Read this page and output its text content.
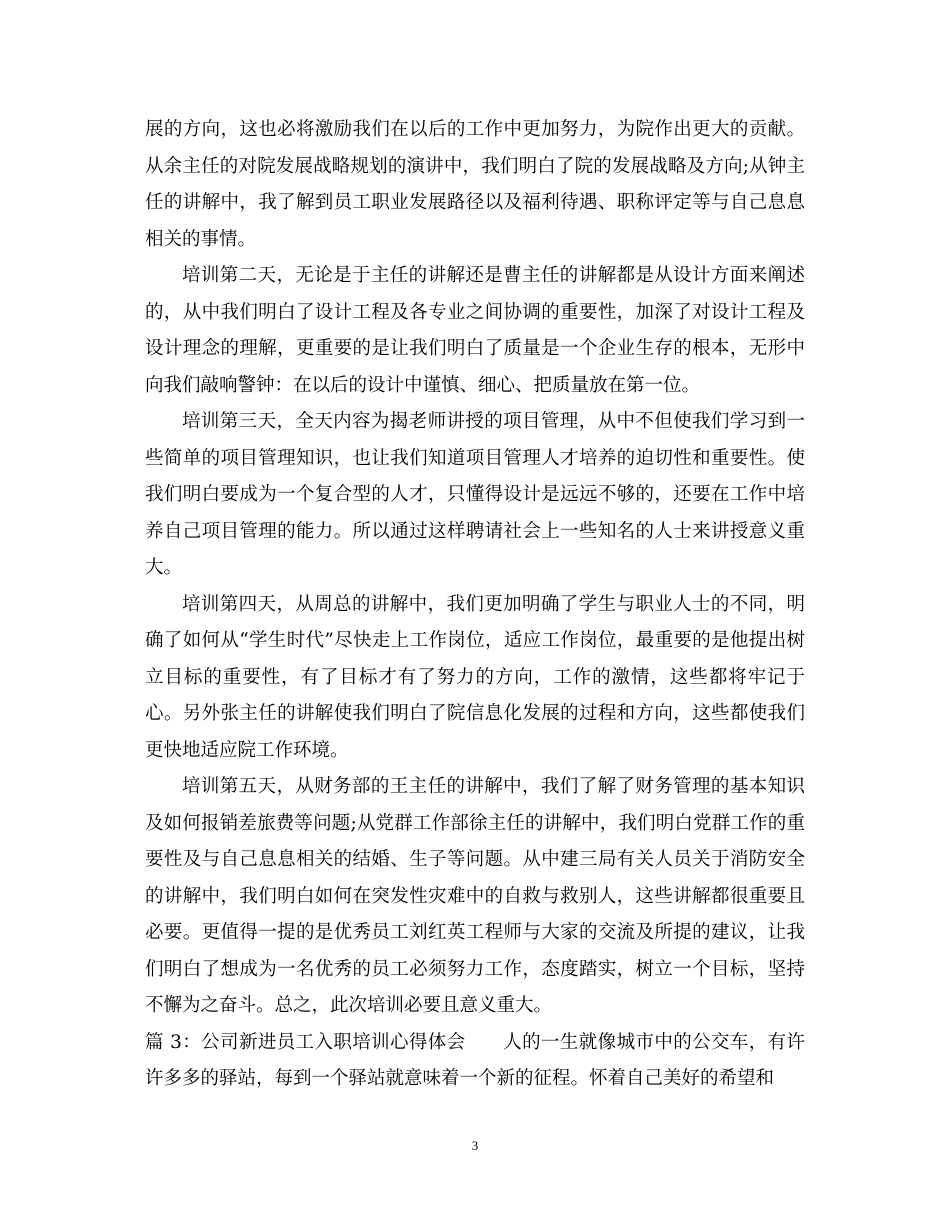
展的方向，这也必将激励我们在以后的工作中更加努力，为院作出更大的贡献。从余主任的对院发展战略规划的演讲中，我们明白了院的发展战略及方向;从钟主任的讲解中，我了解到员工职业发展路径以及福利待遇、职称评定等与自己息息相关的事情。

培训第二天，无论是于主任的讲解还是曹主任的讲解都是从设计方面来阐述的，从中我们明白了设计工程及各专业之间协调的重要性，加深了对设计工程及设计理念的理解，更重要的是让我们明白了质量是一个企业生存的根本，无形中向我们敲响警钟：在以后的设计中谨慎、细心、把质量放在第一位。

培训第三天，全天内容为揭老师讲授的项目管理，从中不但使我们学习到一些简单的项目管理知识，也让我们知道项目管理人才培养的迫切性和重要性。使我们明白要成为一个复合型的人才，只懂得设计是远远不够的，还要在工作中培养自己项目管理的能力。所以通过这样聘请社会上一些知名的人士来讲授意义重大。

培训第四天，从周总的讲解中，我们更加明确了学生与职业人士的不同，明确了如何从“学生时代”尽快走上工作岗位，适应工作岗位，最重要的是他提出树立目标的重要性，有了目标才有了努力的方向，工作的激情，这些都将牢记于心。另外张主任的讲解使我们明白了院信息化发展的过程和方向，这些都使我们更快地适应院工作环境。

培训第五天，从财务部的王主任的讲解中，我们了解了财务管理的基本知识及如何报销差旅费等问题;从党群工作部徐主任的讲解中，我们明白党群工作的重要性及与自己息息相关的结婚、生子等问题。从中建三局有关人员关于消防安全的讲解中，我们明白如何在突发性灾难中的自救与救别人，这些讲解都很重要且必要。更值得一提的是优秀员工刘红英工程师与大家的交流及所提的建议，让我们明白了想成为一名优秀的员工必须努力工作，态度踏实，树立一个目标，坚持不懈为之奋斗。总之，此次培训必要且意义重大。

篇 3：公司新进员工入职培训心得体会　　人的一生就像城市中的公交车，有许许多多的驿站，每到一个驿站就意味着一个新的征程。怀着自己美好的希望和

3
